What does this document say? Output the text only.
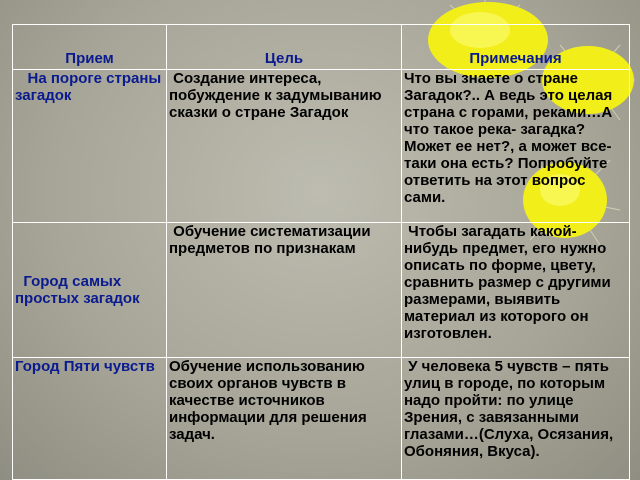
Прием	Цель	Примечания
На пороге страны загадок	Создание интереса, побуждение к задумыванию сказки о стране Загадок	Что вы знаете о стране Загадок?.. А ведь это целая страна с горами, реками…А что такое река- загадка? Может ее нет?, а может все-таки она есть? Попробуйте ответить на этот вопрос сами.
Город самых простых загадок	Обучение систематизации предметов по признакам	Чтобы загадать какой-нибудь предмет, его нужно описать по форме, цвету, сравнить размер с другими размерами, выявить материал из которого он изготовлен.
Город Пяти чувств	Обучение использованию своих органов чувств в качестве источников информации для решения задач.	У человека 5 чувств – пять улиц в городе, по которым надо пройти: по улице Зрения, с завязанными глазами…(Слуха, Осязания, Обоняния, Вкуса).
